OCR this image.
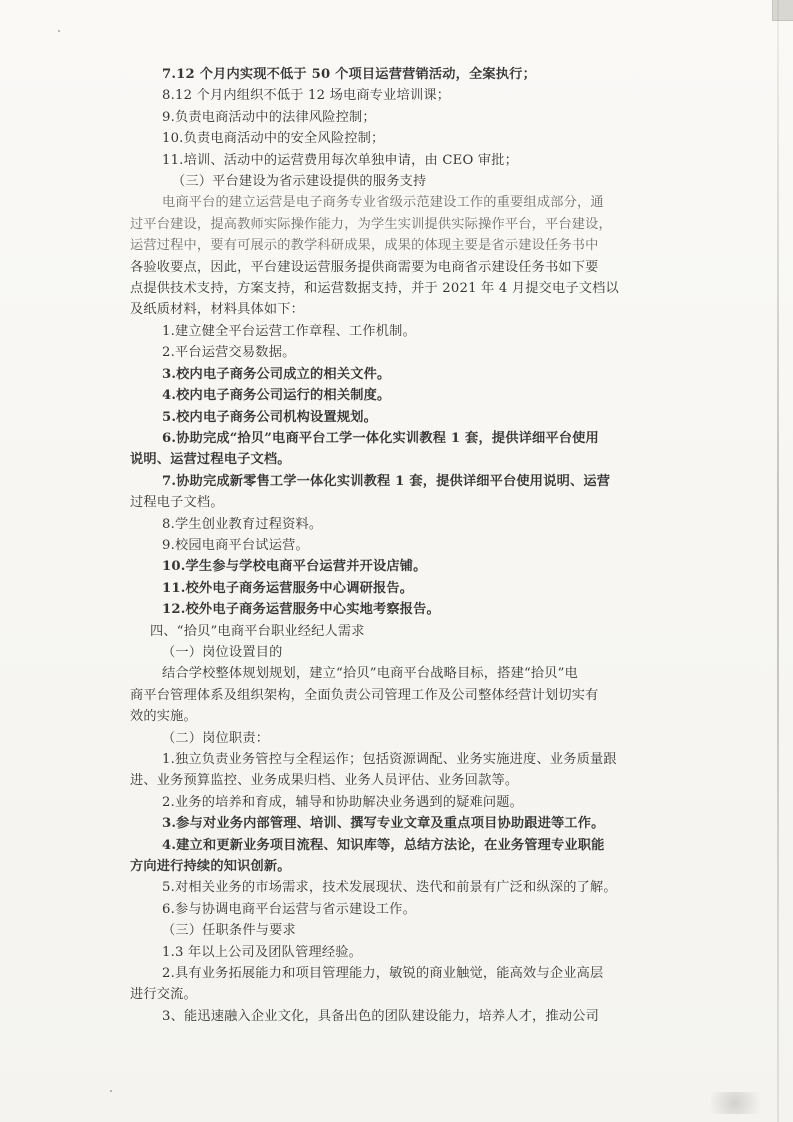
7.12 个月内实现不低于 50 个项目运营营销活动，全案执行；
8.12 个月内组织不低于 12 场电商专业培训课；
9.负责电商活动中的法律风险控制；
10.负责电商活动中的安全风险控制；
11.培训、活动中的运营费用每次单独申请，由 CEO 审批；
（三）平台建设为省示建设提供的服务支持
电商平台的建立运营是电子商务专业省级示范建设工作的重要组成部分，通
过平台建设，提高教师实际操作能力，为学生实训提供实际操作平台，平台建设，
运营过程中，要有可展示的教学科研成果，成果的体现主要是省示建设任务书中
各验收要点，因此，平台建设运营服务提供商需要为电商省示建设任务书如下要
点提供技术支持，方案支持，和运营数据支持，并于 2021 年 4 月提交电子文档以
及纸质材料，材料具体如下：
1.建立健全平台运营工作章程、工作机制。
2.平台运营交易数据。
3.校内电子商务公司成立的相关文件。
4.校内电子商务公司运行的相关制度。
5.校内电子商务公司机构设置规划。
6.协助完成“拾贝”电商平台工学一体化实训教程 1 套，提供详细平台使用
说明、运营过程电子文档。
7.协助完成新零售工学一体化实训教程 1 套，提供详细平台使用说明、运营
过程电子文档。
8.学生创业教育过程资料。
9.校园电商平台试运营。
10.学生参与学校电商平台运营并开设店铺。
11.校外电子商务运营服务中心调研报告。
12.校外电子商务运营服务中心实地考察报告。
四、“拾贝”电商平台职业经纪人需求
（一）岗位设置目的
结合学校整体规划规划，建立“拾贝”电商平台战略目标，搭建“拾贝”电
商平台管理体系及组织架构，全面负责公司管理工作及公司整体经营计划切实有
效的实施。
（二）岗位职责：
1.独立负责业务管控与全程运作；包括资源调配、业务实施进度、业务质量跟
进、业务预算监控、业务成果归档、业务人员评估、业务回款等。
2.业务的培养和育成，辅导和协助解决业务遇到的疑难问题。
3.参与对业务内部管理、培训、撰写专业文章及重点项目协助跟进等工作。
4.建立和更新业务项目流程、知识库等，总结方法论，在业务管理专业职能
方向进行持续的知识创新。
5.对相关业务的市场需求，技术发展现状、迭代和前景有广泛和纵深的了解。
6.参与协调电商平台运营与省示建设工作。
（三）任职条件与要求
1.3 年以上公司及团队管理经验。
2.具有业务拓展能力和项目管理能力，敏锐的商业触觉，能高效与企业高层
进行交流。
3、能迅速融入企业文化，具备出色的团队建设能力，培养人才，推动公司
